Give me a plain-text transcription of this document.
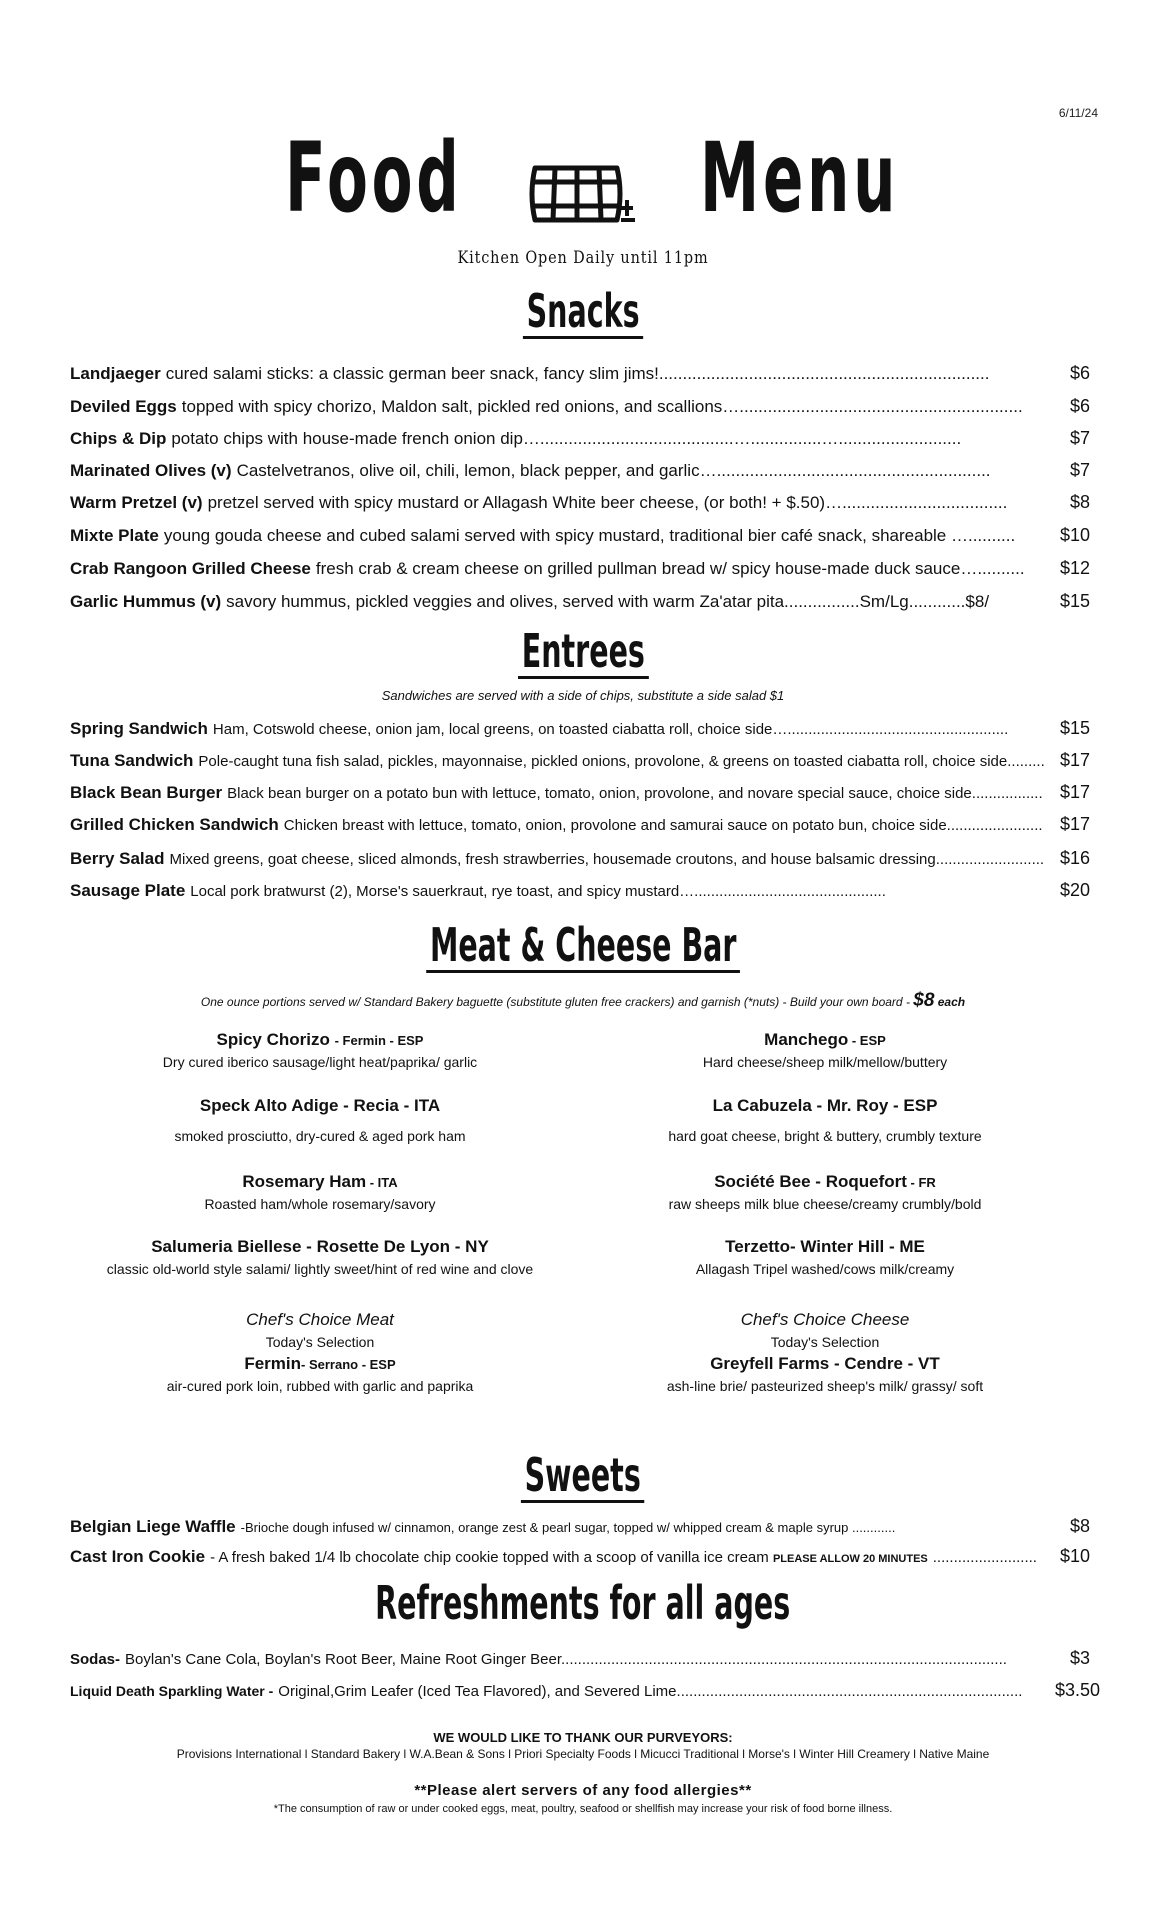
6/11/24
Food Menu
Kitchen Open Daily until 11pm
Snacks
Landjaeger cured salami sticks: a classic german beer snack, fancy slim jims!......................................................................	$6
Deviled Eggs topped with spicy chorizo, Maldon salt, pickled red onions, and scallions…............................................................	$6
Chips & Dip potato chips with house-made french onion dip….........................................…...............…..........................	$7
Marinated Olives (v) Castelvetranos, olive oil, chili, lemon, black pepper, and garlic…..........................................................	$7
Warm Pretzel (v) pretzel served with spicy mustard or Allagash White beer cheese, (or both! + $.50)…...................................	$8
Mixte Plate young gouda cheese and cubed salami served with spicy mustard, traditional bier café snack, shareable …..........	$10
Crab Rangoon Grilled Cheese fresh crab & cream cheese on grilled pullman bread w/ spicy house-made duck sauce…..........	$12
Garlic Hummus (v) savory hummus, pickled veggies and olives, served with warm Za'atar pita................Sm/Lg............$8/	$15
Entrees
Sandwiches are served with a side of chips, substitute a side salad $1
Spring Sandwich Ham, Cotswold cheese, onion jam, local greens, on toasted ciabatta roll, choice side….....................................................	$15
Tuna Sandwich Pole-caught tuna fish salad, pickles, mayonnaise, pickled onions, provolone, & greens on toasted ciabatta roll, choice side......... $17
Black Bean Burger Black bean burger on a potato bun with lettuce, tomato, onion, provolone, and novare special sauce, choice side................. $17
Grilled Chicken Sandwich Chicken breast with lettuce, tomato, onion, provolone and samurai sauce on potato bun, choice side....................... $17
Berry Salad Mixed greens, goat cheese, sliced almonds, fresh strawberries, housemade croutons, and house balsamic dressing.......................... $16
Sausage Plate Local pork bratwurst (2), Morse's sauerkraut, rye toast, and spicy mustard…..............................................	$20
Meat & Cheese Bar
One ounce portions served w/ Standard Bakery baguette (substitute gluten free crackers) and garnish (*nuts) - Build your own board - $8 each
Spicy Chorizo - Fermin - ESP
Dry cured iberico sausage/light heat/paprika/ garlic
Speck Alto Adige - Recia - ITA
smoked prosciutto, dry-cured & aged pork ham
Rosemary Ham - ITA
Roasted ham/whole rosemary/savory
Salumeria Biellese - Rosette De Lyon - NY
classic old-world style salami/ lightly sweet/hint of red wine and clove
Chef's Choice Meat
Today's Selection
Fermin- Serrano - ESP
air-cured pork loin, rubbed with garlic and paprika
Manchego - ESP
Hard cheese/sheep milk/mellow/buttery
La Cabuzela - Mr. Roy - ESP
hard goat cheese, bright & buttery, crumbly texture
Société Bee - Roquefort - FR
raw sheeps milk blue cheese/creamy crumbly/bold
Terzetto- Winter Hill - ME
Allagash Tripel washed/cows milk/creamy
Chef's Choice Cheese
Today's Selection
Greyfell Farms - Cendre - VT
ash-line brie/ pasteurized sheep's milk/ grassy/ soft
Sweets
Belgian Liege Waffle -Brioche dough infused w/ cinnamon, orange zest & pearl sugar, topped w/ whipped cream & maple syrup ............	$8
Cast Iron Cookie - A fresh baked 1/4 lb chocolate chip cookie topped with a scoop of vanilla ice cream PLEASE ALLOW 20 MINUTES .........................	$10
Refreshments for all ages
Sodas- Boylan's Cane Cola, Boylan's Root Beer, Maine Root Ginger Beer...........................................................................................................	$3
Liquid Death Sparkling Water - Original,Grim Leafer (Iced Tea Flavored), and Severed Lime...................................................................................	$3.50
WE WOULD LIKE TO THANK OUR PURVEYORS:
Provisions International l Standard Bakery l W.A.Bean & Sons l Priori Specialty Foods l Micucci Traditional l Morse's l Winter Hill Creamery l Native Maine
**Please alert servers of any food allergies**
*The consumption of raw or under cooked eggs, meat, poultry, seafood or shellfish may increase your risk of food borne illness.
